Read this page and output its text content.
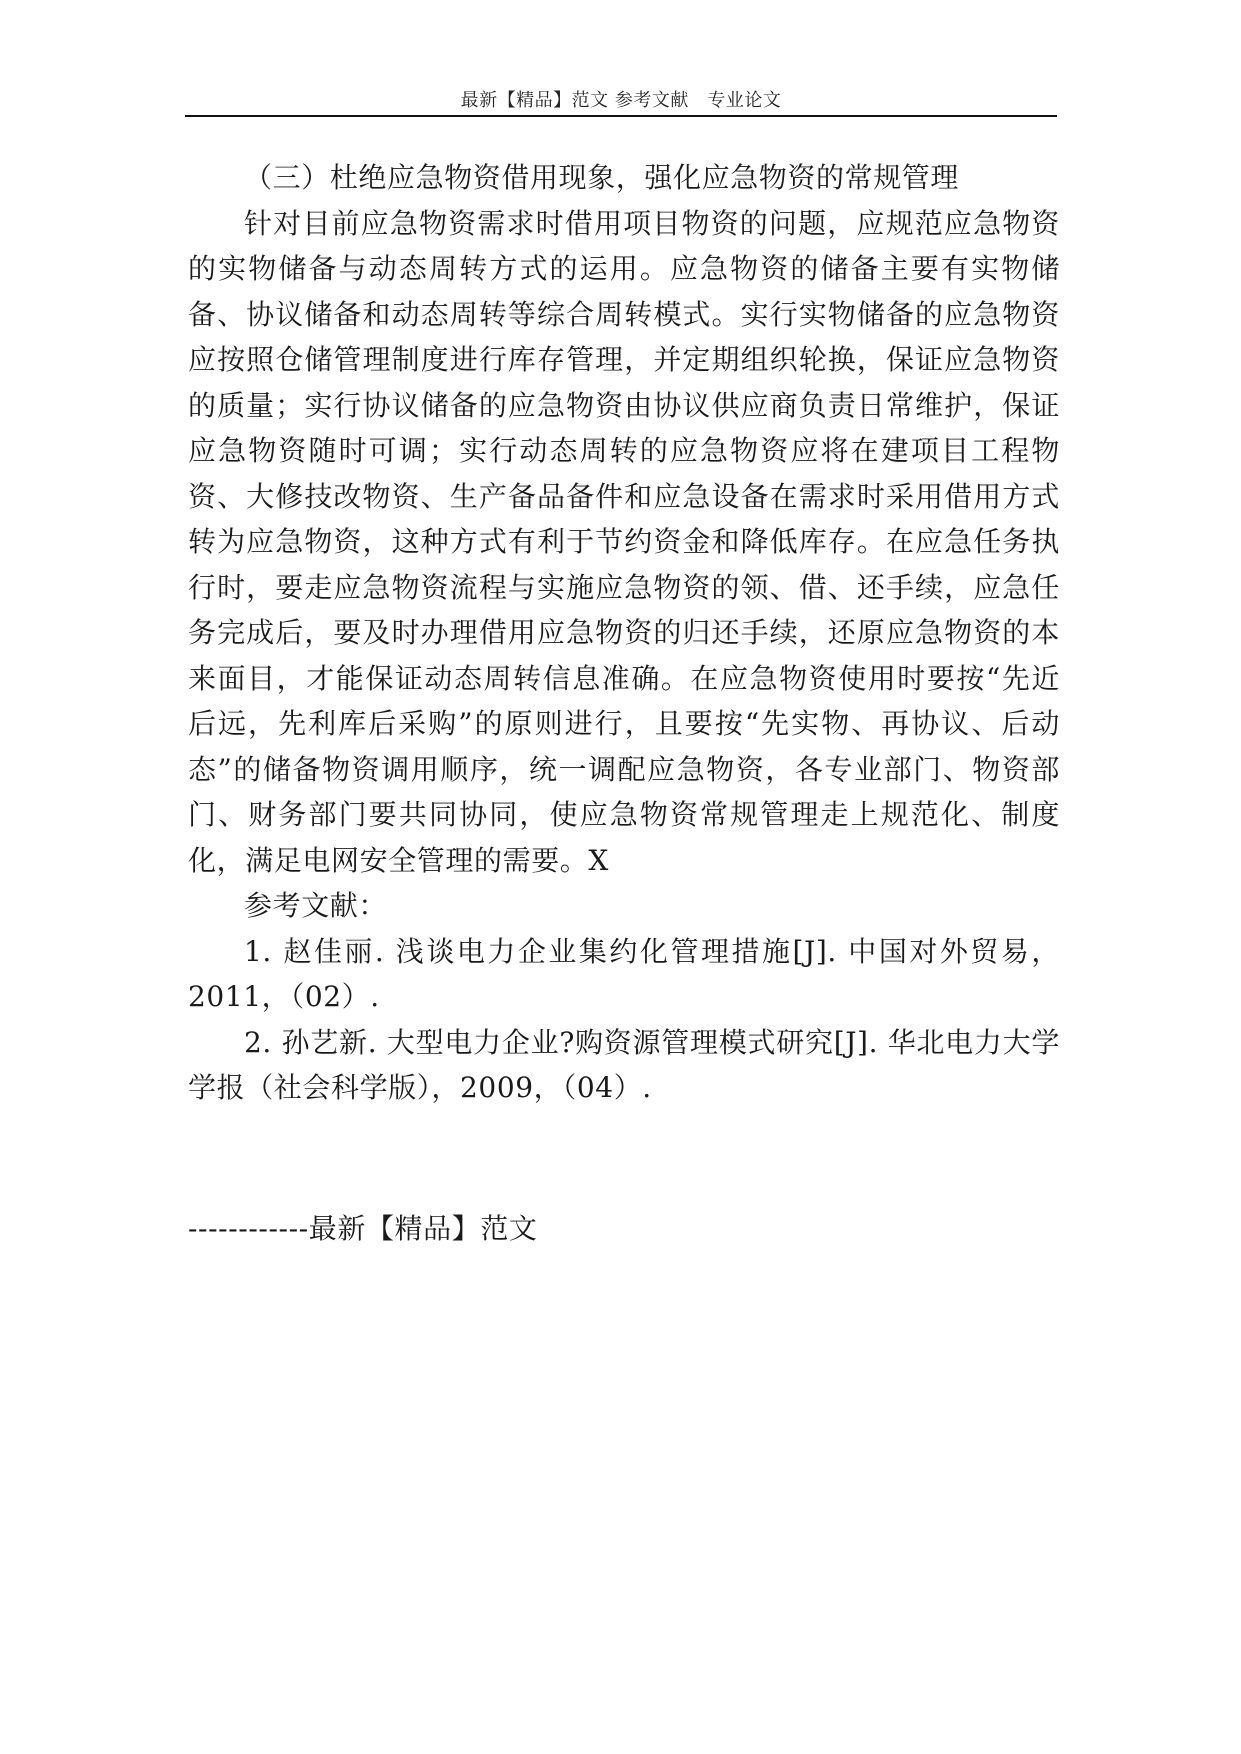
最新【精品】范文 参考文献　专业论文

（三）杜绝应急物资借用现象，强化应急物资的常规管理

针对目前应急物资需求时借用项目物资的问题，应规范应急物资的实物储备与动态周转方式的运用。应急物资的储备主要有实物储备、协议储备和动态周转等综合周转模式。实行实物储备的应急物资应按照仓储管理制度进行库存管理，并定期组织轮换，保证应急物资的质量；实行协议储备的应急物资由协议供应商负责日常维护，保证应急物资随时可调；实行动态周转的应急物资应将在建项目工程物资、大修技改物资、生产备品备件和应急设备在需求时采用借用方式转为应急物资，这种方式有利于节约资金和降低库存。在应急任务执行时，要走应急物资流程与实施应急物资的领、借、还手续，应急任务完成后，要及时办理借用应急物资的归还手续，还原应急物资的本来面目，才能保证动态周转信息准确。在应急物资使用时要按“先近后远，先利库后采购”的原则进行，且要按“先实物、再协议、后动态”的储备物资调用顺序，统一调配应急物资，各专业部门、物资部门、财务部门要共同协同，使应急物资常规管理走上规范化、制度化，满足电网安全管理的需要。X

参考文献：

1. 赵佳丽. 浅谈电力企业集约化管理措施[J]. 中国对外贸易，2011，（02）.

2. 孙艺新. 大型电力企业?购资源管理模式研究[J]. 华北电力大学学报（社会科学版），2009，（04）.

------------最新【精品】范文
